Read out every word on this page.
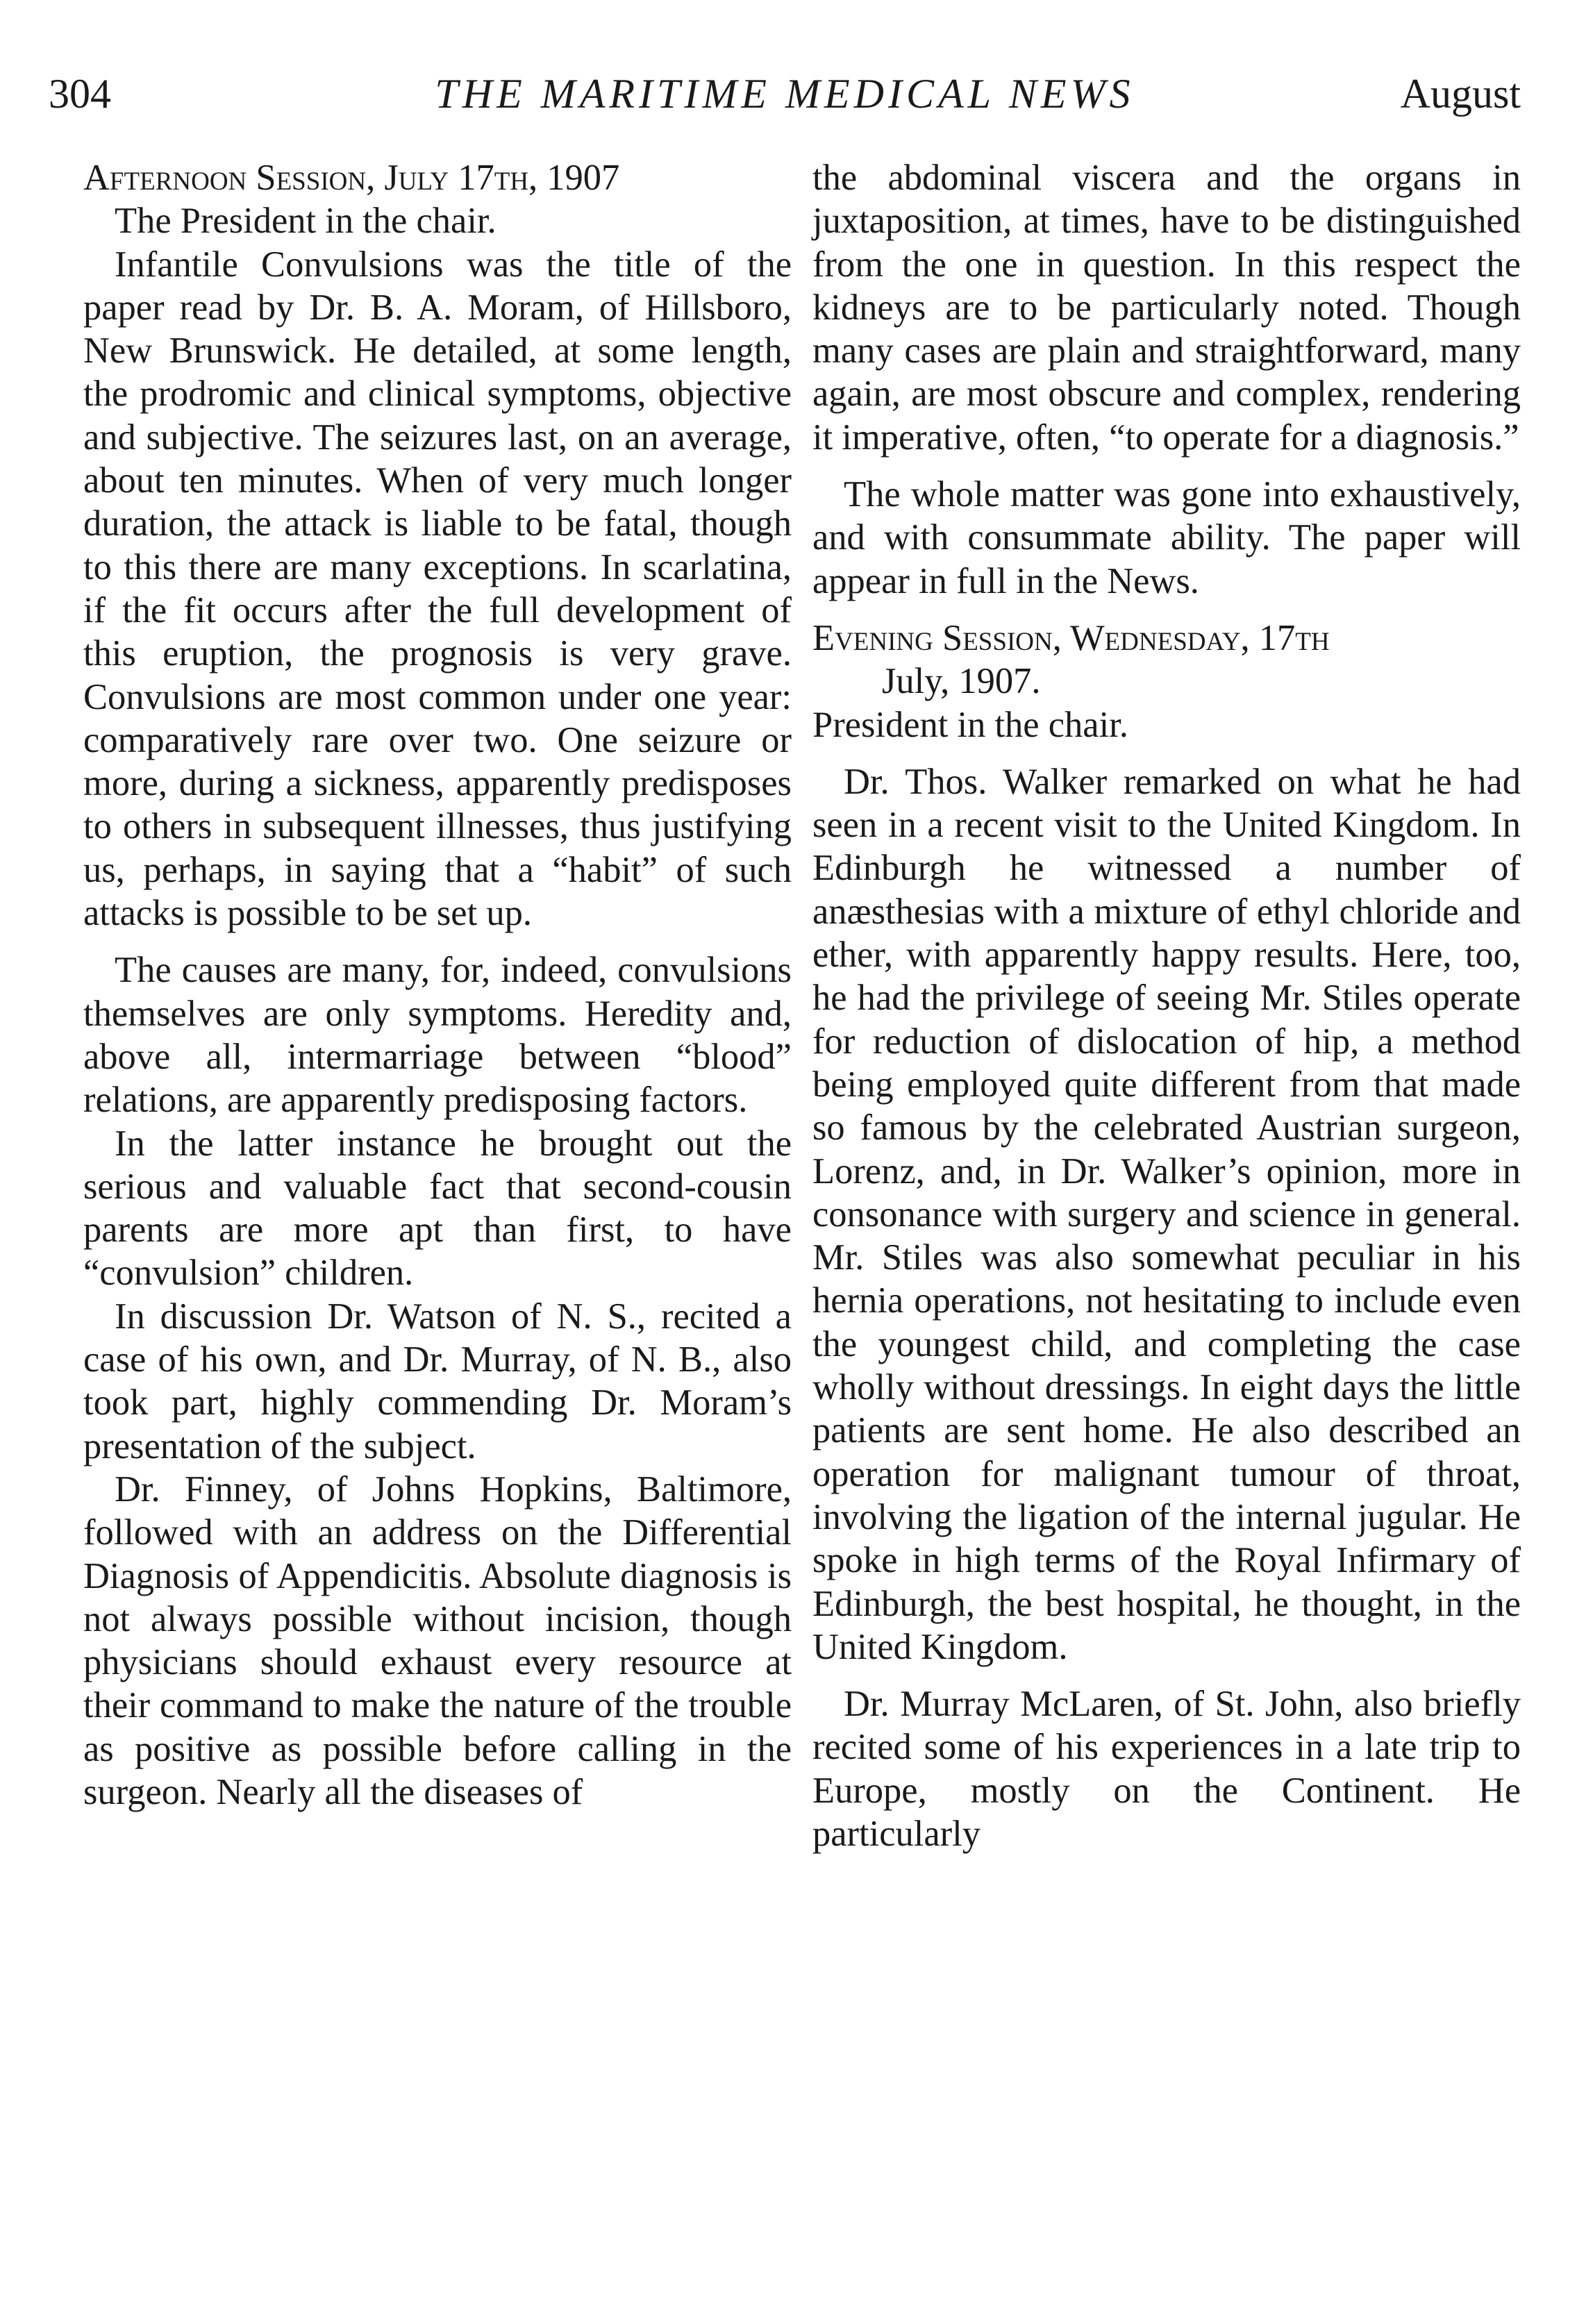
304	THE MARITIME MEDICAL NEWS	August

Afternoon Session, July 17th, 1907

The President in the chair.

Infantile Convulsions was the title of the paper read by Dr. B. A. Moram, of Hillsboro, New Brunswick. He detailed, at some length, the prodromic and clinical symptoms, objective and subjective. The seizures last, on an average, about ten minutes. When of very much longer duration, the attack is liable to be fatal, though to this there are many exceptions. In scarlatina, if the fit occurs after the full development of this eruption, the prognosis is very grave. Convulsions are most common under one year: comparatively rare over two. One seizure or more, during a sickness, apparently predisposes to others in subsequent illnesses, thus justifying us, perhaps, in saying that a “habit” of such attacks is possible to be set up.

The causes are many, for, indeed, convulsions themselves are only symptoms. Heredity and, above all, intermarriage between “blood” relations, are apparently predisposing factors.

In the latter instance he brought out the serious and valuable fact that second-cousin parents are more apt than first, to have “convulsion” children.

In discussion Dr. Watson of N. S., recited a case of his own, and Dr. Murray, of N. B., also took part, highly commending Dr. Moram’s presentation of the subject.

Dr. Finney, of Johns Hopkins, Baltimore, followed with an address on the Differential Diagnosis of Appendicitis. Absolute diagnosis is not always possible without incision, though physicians should exhaust every resource at their command to make the nature of the trouble as positive as possible before calling in the surgeon. Nearly all the diseases of

the abdominal viscera and the organs in juxtaposition, at times, have to be distinguished from the one in question. In this respect the kidneys are to be particularly noted. Though many cases are plain and straightforward, many again, are most obscure and complex, rendering it imperative, often, “to operate for a diagnosis.”

The whole matter was gone into exhaustively, and with consummate ability. The paper will appear in full in the News.

Evening Session, Wednesday, 17th

July, 1907.

President in the chair.

Dr. Thos. Walker remarked on what he had seen in a recent visit to the United Kingdom. In Edinburgh he witnessed a number of anæsthesias with a mixture of ethyl chloride and ether, with apparently happy results. Here, too, he had the privilege of seeing Mr. Stiles operate for reduction of dislocation of hip, a method being employed quite different from that made so famous by the celebrated Austrian surgeon, Lorenz, and, in Dr. Walker’s opinion, more in consonance with surgery and science in general. Mr. Stiles was also somewhat peculiar in his hernia operations, not hesitating to include even the youngest child, and completing the case wholly without dressings. In eight days the little patients are sent home. He also described an operation for malignant tumour of throat, involving the ligation of the internal jugular. He spoke in high terms of the Royal Infirmary of Edinburgh, the best hospital, he thought, in the United Kingdom.

Dr. Murray McLaren, of St. John, also briefly recited some of his experiences in a late trip to Europe, mostly on the Continent. He particularly
